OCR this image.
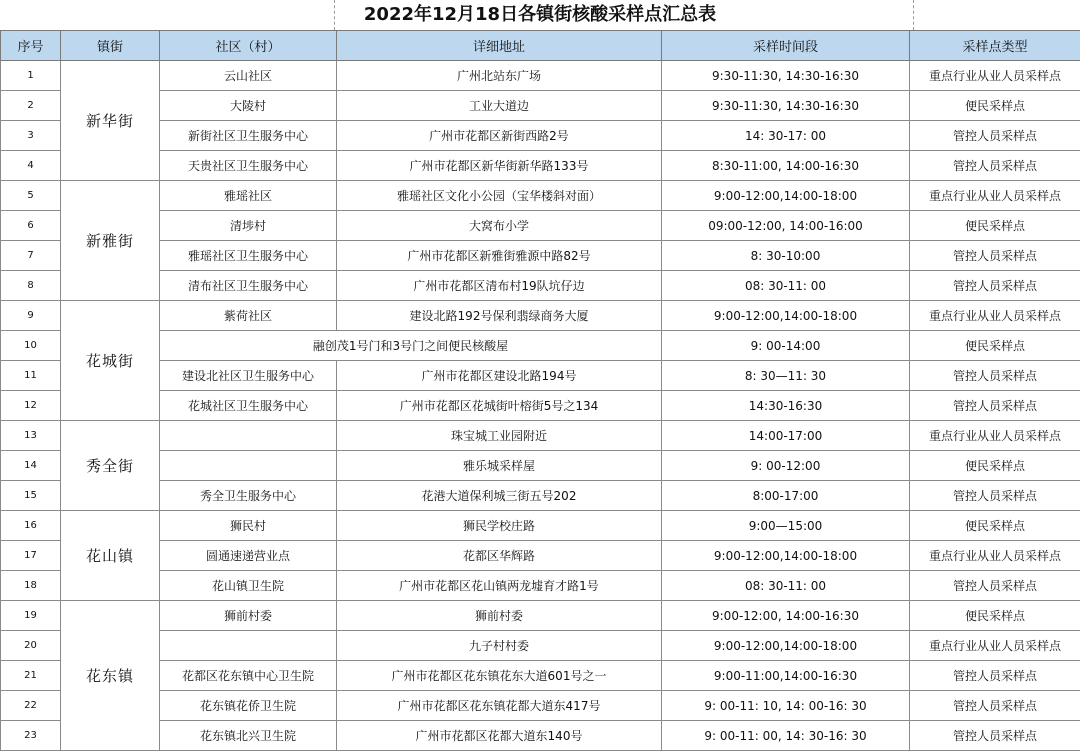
2022年12月18日各镇街核酸采样点汇总表
序号	镇街	社区（村）	详细地址	采样时间段	采样点类型
1	新华街	云山社区	广州北站东广场	9:30-11:30, 14:30-16:30	重点行业从业人员采样点
2		大陵村	工业大道边	9:30-11:30, 14:30-16:30	便民采样点
3		新街社区卫生服务中心	广州市花都区新街西路2号	14: 30-17: 00	管控人员采样点
4		天贵社区卫生服务中心	广州市花都区新华街新华路133号	8:30-11:00, 14:00-16:30	管控人员采样点
5	新雅街	雅瑶社区	雅瑶社区文化小公园（宝华楼斜对面）	9:00-12:00,14:00-18:00	重点行业从业人员采样点
6		清埗村	大窝布小学	09:00-12:00, 14:00-16:00	便民采样点
7		雅瑶社区卫生服务中心	广州市花都区新雅街雅源中路82号	8: 30-10:00	管控人员采样点
8		清布社区卫生服务中心	广州市花都区清布村19队坑仔边	08: 30-11: 00	管控人员采样点
9	花城街	紫荷社区	建设北路192号保利翡绿商务大厦	9:00-12:00,14:00-18:00	重点行业从业人员采样点
10		融创茂1号门和3号门之间便民核酸屋		9: 00-14:00	便民采样点
11		建设北社区卫生服务中心	广州市花都区建设北路194号	8: 30—11: 30	管控人员采样点
12		花城社区卫生服务中心	广州市花都区花城街叶榕街5号之134	14:30-16:30	管控人员采样点
13	秀全街		珠宝城工业园附近	14:00-17:00	重点行业从业人员采样点
14			雅乐城采样屋	9: 00-12:00	便民采样点
15		秀全卫生服务中心	花港大道保利城三街五号202	8:00-17:00	管控人员采样点
16	花山镇	狮民村	狮民学校庄路	9:00—15:00	便民采样点
17		圆通速递营业点	花都区华辉路	9:00-12:00,14:00-18:00	重点行业从业人员采样点
18		花山镇卫生院	广州市花都区花山镇两龙墟育才路1号	08: 30-11: 00	管控人员采样点
19	花东镇	狮前村委	狮前村委	9:00-12:00, 14:00-16:30	便民采样点
20			九子村村委	9:00-12:00,14:00-18:00	重点行业从业人员采样点
21		花都区花东镇中心卫生院	广州市花都区花东镇花东大道601号之一	9:00-11:00,14:00-16:30	管控人员采样点
22		花东镇花侨卫生院	广州市花都区花东镇花都大道东417号	9: 00-11: 10, 14: 00-16: 30	管控人员采样点
23		花东镇北兴卫生院	广州市花都区花都大道东140号	9: 00-11: 00, 14: 30-16: 30	管控人员采样点
